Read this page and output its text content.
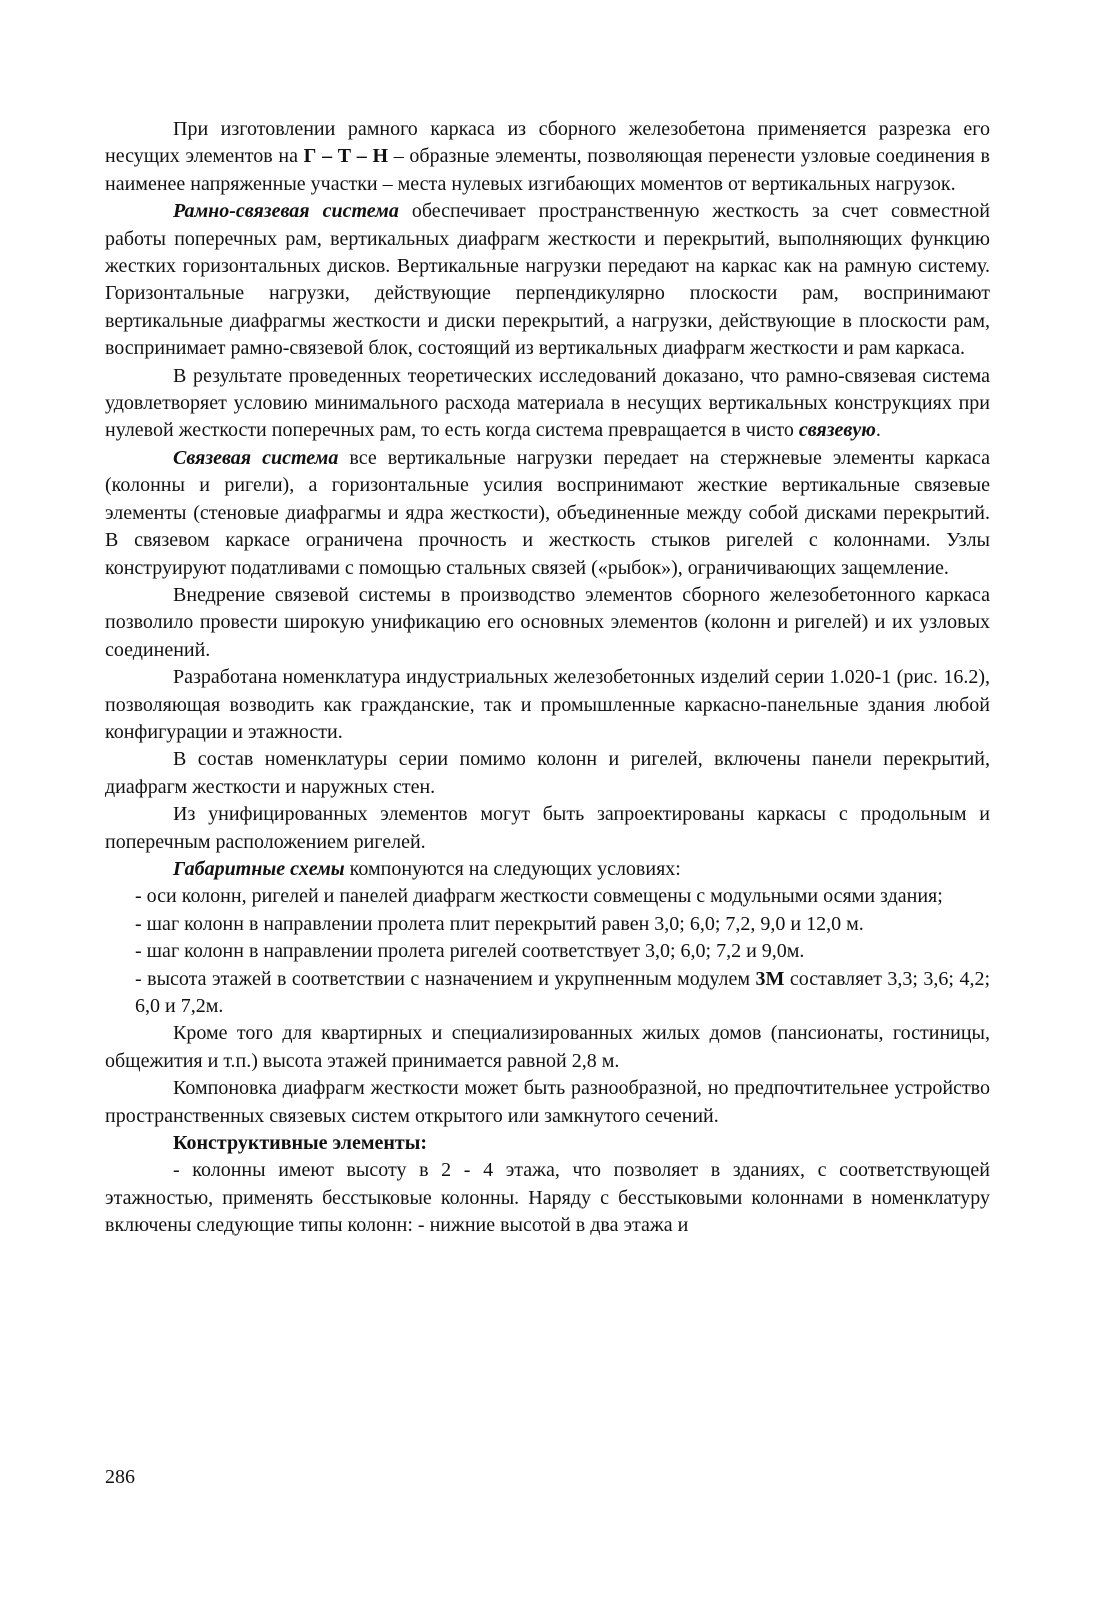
При изготовлении рамного каркаса из сборного железобетона применяется разрезка его несущих элементов на Г – Т – Н – образные элементы, позволяющая перенести узловые соединения в наименее напряженные участки – места нулевых изгибающих моментов от вертикальных нагрузок.

Рамно-связевая система обеспечивает пространственную жесткость за счет совместной работы поперечных рам, вертикальных диафрагм жесткости и перекрытий, выполняющих функцию жестких горизонтальных дисков. Вертикальные нагрузки передают на каркас как на рамную систему. Горизонтальные нагрузки, действующие перпендикулярно плоскости рам, воспринимают вертикальные диафрагмы жесткости и диски перекрытий, а нагрузки, действующие в плоскости рам, воспринимает рамно-связевой блок, состоящий из вертикальных диафрагм жесткости и рам каркаса.

В результате проведенных теоретических исследований доказано, что рамно-связевая система удовлетворяет условию минимального расхода материала в несущих вертикальных конструкциях при нулевой жесткости поперечных рам, то есть когда система превращается в чисто связевую.

Связевая система все вертикальные нагрузки передает на стержневые элементы каркаса (колонны и ригели), а горизонтальные усилия воспринимают жесткие вертикальные связевые элементы (стеновые диафрагмы и ядра жесткости), объединенные между собой дисками перекрытий. В связевом каркасе ограничена прочность и жесткость стыков ригелей с колоннами. Узлы конструируют податливами с помощью стальных связей («рыбок»), ограничивающих защемление.

Внедрение связевой системы в производство элементов сборного железобетонного каркаса позволило провести широкую унификацию его основных элементов (колонн и ригелей) и их узловых соединений.

Разработана номенклатура индустриальных железобетонных изделий серии 1.020-1 (рис. 16.2), позволяющая возводить как гражданские, так и промышленные каркасно-панельные здания любой конфигурации и этажности.

В состав номенклатуры серии помимо колонн и ригелей, включены панели перекрытий, диафрагм жесткости и наружных стен.

Из унифицированных элементов могут быть запроектированы каркасы с продольным и поперечным расположением ригелей.

Габаритные схемы компонуются на следующих условиях:

- оси колонн, ригелей и панелей диафрагм жесткости совмещены с модульными осями здания;

- шаг колонн в направлении пролета плит перекрытий равен 3,0; 6,0; 7,2, 9,0 и 12,0 м.

- шаг колонн в направлении пролета ригелей соответствует 3,0; 6,0; 7,2 и 9,0м.

- высота этажей в соответствии с назначением и укрупненным модулем 3М составляет 3,3; 3,6; 4,2; 6,0 и 7,2м.

Кроме того для квартирных и специализированных жилых домов (пансионаты, гостиницы, общежития и т.п.) высота этажей принимается равной 2,8 м.

Компоновка диафрагм жесткости может быть разнообразной, но предпочтительнее устройство пространственных связевых систем открытого или замкнутого сечений.

Конструктивные элементы:

- колонны имеют высоту в 2 - 4 этажа, что позволяет в зданиях, с соответствующей этажностью, применять бесстыковые колонны. Наряду с бесстыковыми колоннами в номенклатуру включены следующие типы колонн: - нижние высотой в два этажа и

286
